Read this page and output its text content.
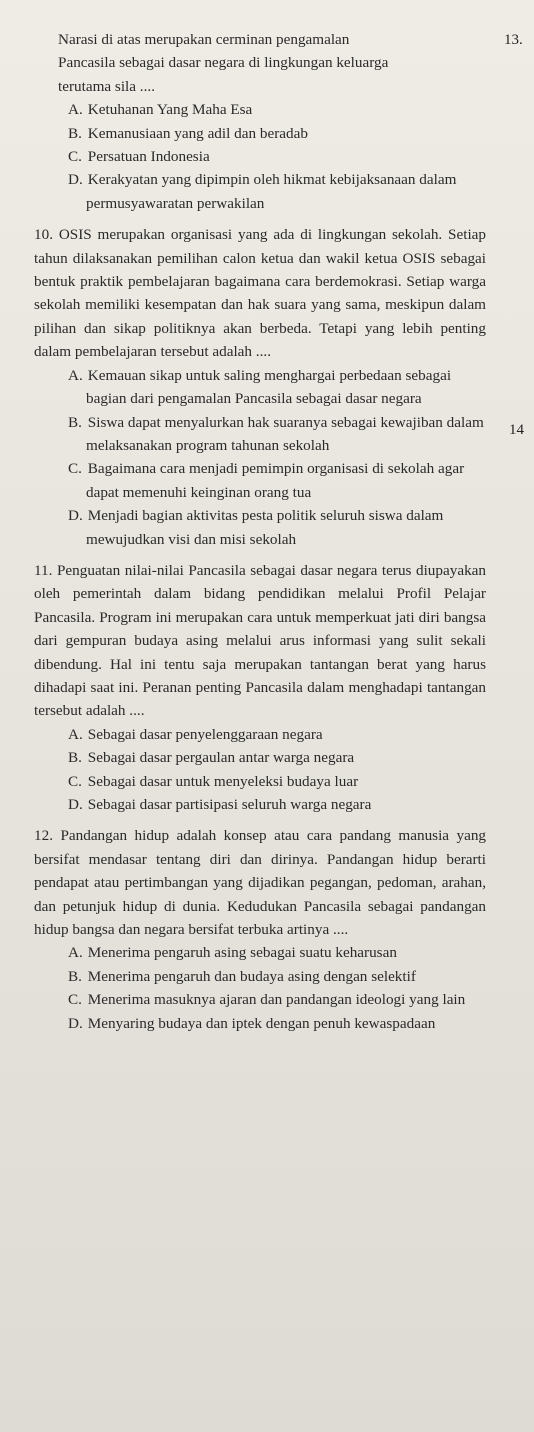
13.
14
Narasi di atas merupakan cerminan pengamalan
Pancasila sebagai dasar negara di lingkungan keluarga
terutama sila ....

A. Ketuhanan Yang Maha Esa

B. Kemanusiaan yang adil dan beradab

C. Persatuan Indonesia

D. Kerakyatan yang dipimpin oleh hikmat kebijaksanaan dalam permusyawaratan perwakilan

10. OSIS merupakan organisasi yang ada di lingkungan sekolah. Setiap tahun dilaksanakan pemilihan calon ketua dan wakil ketua OSIS sebagai bentuk praktik pembelajaran bagaimana cara berdemokrasi. Setiap warga sekolah memiliki kesempatan dan hak suara yang sama, meskipun dalam pilihan dan sikap politiknya akan berbeda. Tetapi yang lebih penting dalam pembelajaran tersebut adalah ....

A. Kemauan sikap untuk saling menghargai perbedaan sebagai bagian dari pengamalan Pancasila sebagai dasar negara

B. Siswa dapat menyalurkan hak suaranya sebagai kewajiban dalam melaksanakan program tahunan sekolah

C. Bagaimana cara menjadi pemimpin organisasi di sekolah agar dapat memenuhi keinginan orang tua

D. Menjadi bagian aktivitas pesta politik seluruh siswa dalam mewujudkan visi dan misi sekolah

11. Penguatan nilai-nilai Pancasila sebagai dasar negara terus diupayakan oleh pemerintah dalam bidang pendidikan melalui Profil Pelajar Pancasila. Program ini merupakan cara untuk memperkuat jati diri bangsa dari gempuran budaya asing melalui arus informasi yang sulit sekali dibendung. Hal ini tentu saja merupakan tantangan berat yang harus dihadapi saat ini. Peranan penting Pancasila dalam menghadapi tantangan tersebut adalah ....

A. Sebagai dasar penyelenggaraan negara

B. Sebagai dasar pergaulan antar warga negara

C. Sebagai dasar untuk menyeleksi budaya luar

D. Sebagai dasar partisipasi seluruh warga negara

12. Pandangan hidup adalah konsep atau cara pandang manusia yang bersifat mendasar tentang diri dan dirinya. Pandangan hidup berarti pendapat atau pertimbangan yang dijadikan pegangan, pedoman, arahan, dan petunjuk hidup di dunia. Kedudukan Pancasila sebagai pandangan hidup bangsa dan negara bersifat terbuka artinya ....

A. Menerima pengaruh asing sebagai suatu keharusan

B. Menerima pengaruh dan budaya asing dengan selektif

C. Menerima masuknya ajaran dan pandangan ideologi yang lain

D. Menyaring budaya dan iptek dengan penuh kewaspadaan
